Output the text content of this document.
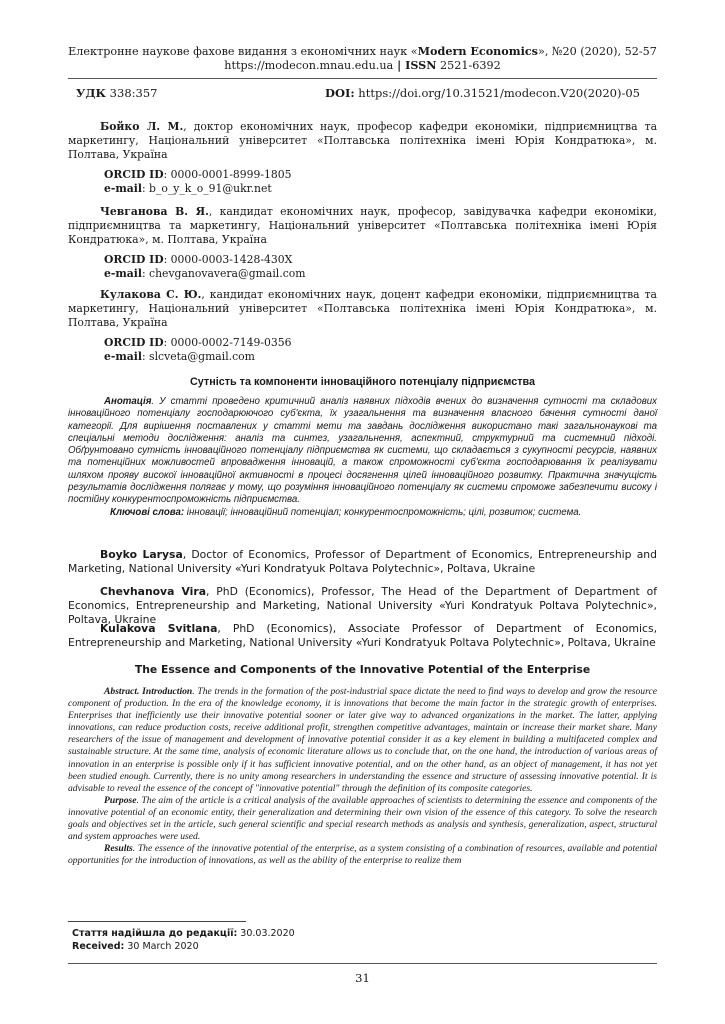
Електронне наукове фахове видання з економічних наук «Modern Economics», №20 (2020), 52-57
https://modecon.mnau.edu.ua | ISSN 2521-6392
УДК 338:357	DOI: https://doi.org/10.31521/modecon.V20(2020)-05
Бойко Л. М., доктор економічних наук, професор кафедри економіки, підприємництва та маркетингу, Національний університет «Полтавська політехніка імені Юрія Кондратюка», м. Полтава, Україна
ORCID ID: 0000-0001-8999-1805
e-mail: b_o_y_k_o_91@ukr.net
Чевганова В. Я., кандидат економічних наук, професор, завідувачка кафедри економіки, підприємництва та маркетингу, Національний університет «Полтавська політехніка імені Юрія Кондратюка», м. Полтава, Україна
ORCID ID: 0000-0003-1428-430X
e-mail: chevganovavera@gmail.com
Кулакова С. Ю., кандидат економічних наук, доцент кафедри економіки, підприємництва та маркетингу, Національний університет «Полтавська політехніка імені Юрія Кондратюка», м. Полтава, Україна
ORCID ID: 0000-0002-7149-0356
e-mail: slcveta@gmail.com
Сутність та компоненти інноваційного потенціалу підприємства
Анотація. У статті проведено критичний аналіз наявних підходів вчених до визначення сутності та складових інноваційного потенціалу господарюючого суб'єкта, їх узагальнення та визначення власного бачення сутності даної категорії. Для вирішення поставлених у статті мети та завдань дослідження використано такі загальнонаукові та спеціальні методи дослідження: аналіз та синтез, узагальнення, аспектний, структурний та системний підході. Обґрунтовано сутність інноваційного потенціалу підприємства як системи, що складається з сукупності ресурсів, наявних та потенційних можливостей впровадження інновацій, а також спроможності суб'єкта господарювання їх реалізувати шляхом прояву високої інноваційної активності в процесі досягнення цілей інноваційного розвитку. Практична значущість результатів дослідження полягає у тому, що розуміння інноваційного потенціалу як системи спроможе забезпечити високу і постійну конкурентоспроможність підприємства.
Ключові слова: інновації; інноваційний потенціал; конкурентоспроможність; цілі, розвиток; система.
Boyko Larysa, Doctor of Economics, Professor of Department of Economics, Entrepreneurship and Marketing, National University «Yuri Kondratyuk Poltava Polytechnic», Poltava, Ukraine
Chevhanova Vira, PhD (Economics), Professor, The Head of the Department of Department of Economics, Entrepreneurship and Marketing, National University «Yuri Kondratyuk Poltava Polytechnic», Poltava, Ukraine
Kulakova Svitlana, PhD (Economics), Associate Professor of Department of Economics, Entrepreneurship and Marketing, National University «Yuri Kondratyuk Poltava Polytechnic», Poltava, Ukraine
The Essence and Components of the Innovative Potential of the Enterprise
Abstract. Introduction. The trends in the formation of the post-industrial space dictate the need to find ways to develop and grow the resource component of production. In the era of the knowledge economy, it is innovations that become the main factor in the strategic growth of enterprises. Enterprises that inefficiently use their innovative potential sooner or later give way to advanced organizations in the market. The latter, applying innovations, can reduce production costs, receive additional profit, strengthen competitive advantages, maintain or increase their market share. Many researchers of the issue of management and development of innovative potential consider it as a key element in building a multifaceted complex and sustainable structure. At the same time, analysis of economic literature allows us to conclude that, on the one hand, the introduction of various areas of innovation in an enterprise is possible only if it has sufficient innovative potential, and on the other hand, as an object of management, it has not yet been studied enough. Currently, there is no unity among researchers in understanding the essence and structure of assessing innovative potential. It is advisable to reveal the essence of the concept of "innovative potential" through the definition of its composite categories.
Purpose. The aim of the article is a critical analysis of the available approaches of scientists to determining the essence and components of the innovative potential of an economic entity, their generalization and determining their own vision of the essence of this category. To solve the research goals and objectives set in the article, such general scientific and special research methods as analysis and synthesis, generalization, aspect, structural and system approaches were used.
Results. The essence of the innovative potential of the enterprise, as a system consisting of a combination of resources, available and potential opportunities for the introduction of innovations, as well as the ability of the enterprise to realize them
Стаття надійшла до редакції: 30.03.2020
Received: 30 March 2020
31
